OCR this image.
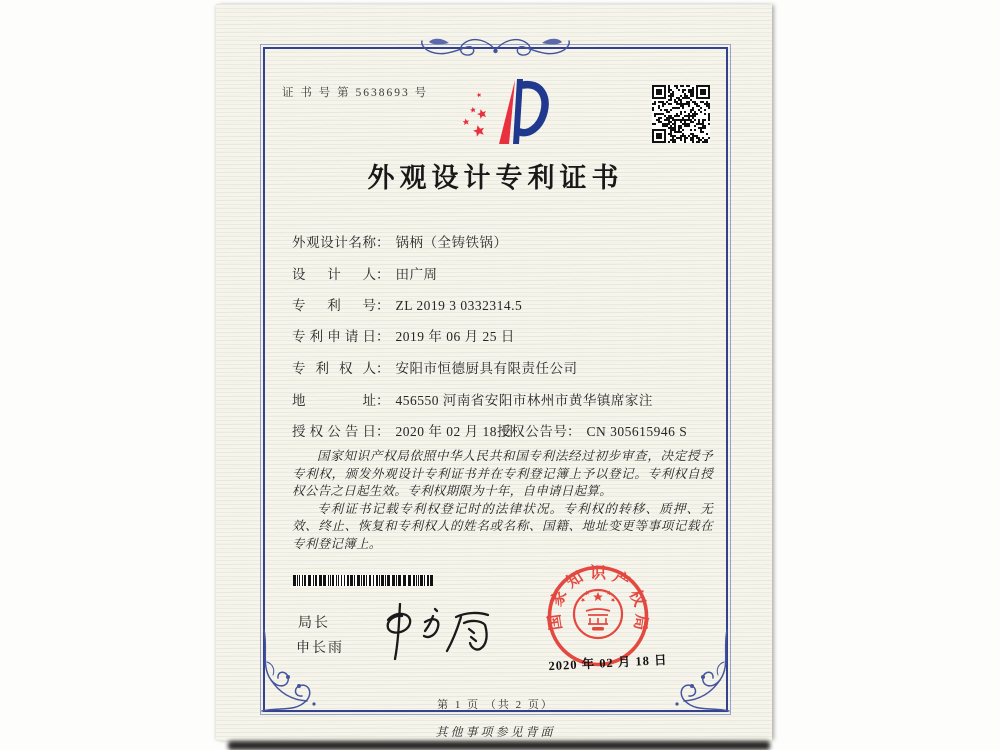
证 书 号 第 5638693 号
外观设计专利证书
外观设计名称： 锅柄（全铸铁锅）
设计人： 田广周
专利号： ZL 2019 3 0332314.5
专利申请日： 2019 年 06 月 25 日
专利权人： 安阳市恒德厨具有限责任公司
地址： 456550 河南省安阳市林州市黄华镇席家注
授权公告日： 2020 年 02 月 18 日
授权公告号： CN 305615946 S

国家知识产权局依照中华人民共和国专利法经过初步审查，决定授予专利权，颁发外观设计专利证书并在专利登记簿上予以登记。专利权自授权公告之日起生效。专利权期限为十年，自申请日起算。

专利证书记载专利权登记时的法律状况。专利权的转移、质押、无效、终止、恢复和专利权人的姓名或名称、国籍、地址变更等事项记载在专利登记簿上。

局长
申长雨
国家知识产权局
2020 年 02 月 18 日
第 1 页 （共 2 页）
其他事项参见背面
